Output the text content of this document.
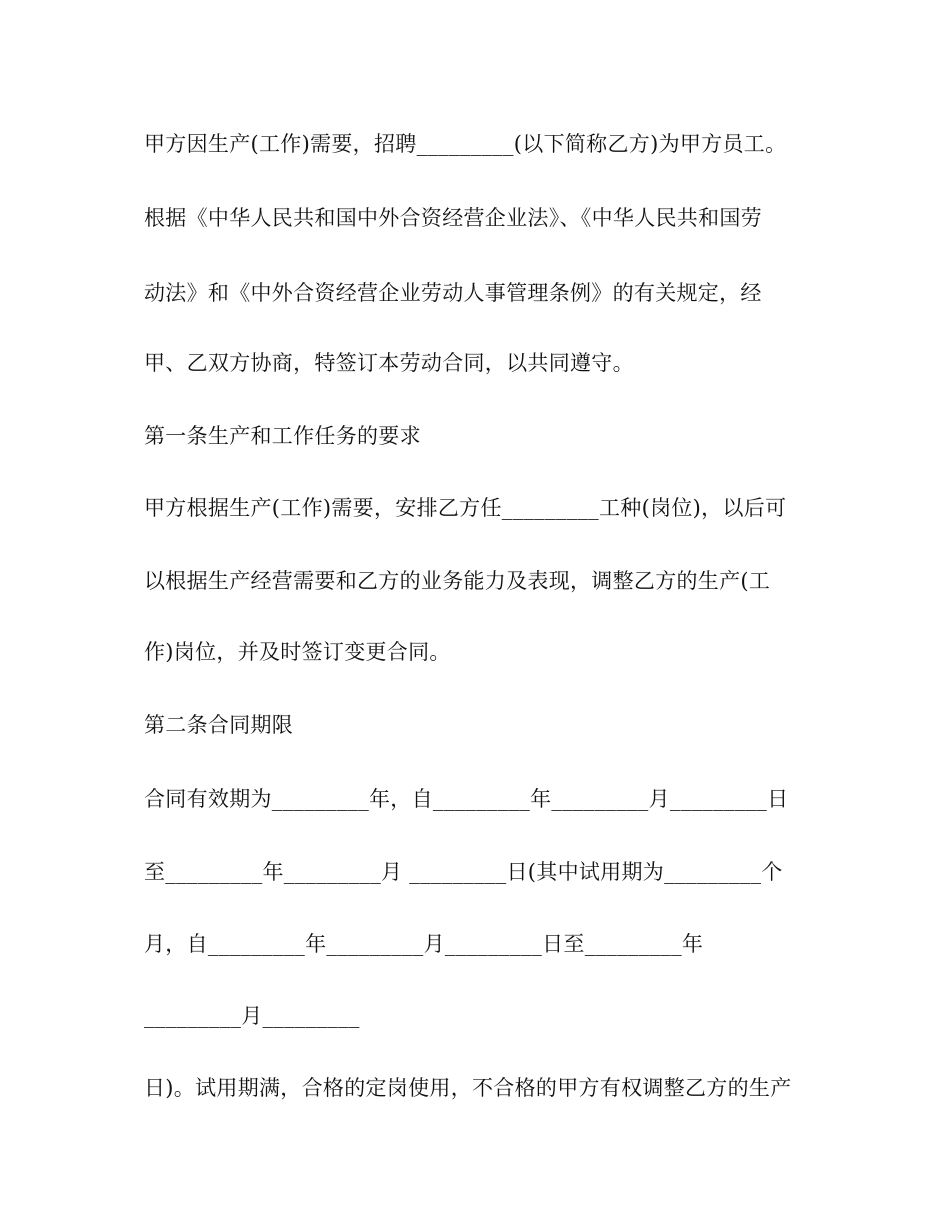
甲方因生产(工作)需要，招聘_________(以下简称乙方)为甲方员工。
根据《中华人民共和国中外合资经营企业法》、《中华人民共和国劳
动法》和《中外合资经营企业劳动人事管理条例》的有关规定，经
甲、乙双方协商，特签订本劳动合同，以共同遵守。
第一条生产和工作任务的要求
甲方根据生产(工作)需要，安排乙方任_________工种(岗位)，以后可
以根据生产经营需要和乙方的业务能力及表现，调整乙方的生产(工
作)岗位，并及时签订变更合同。
第二条合同期限
合同有效期为_________年，自_________年_________月_________日
至_________年_________月 _________日(其中试用期为_________个
月，自_________年_________月_________日至_________年
_________月_________
日)。试用期满，合格的定岗使用，不合格的甲方有权调整乙方的生产
